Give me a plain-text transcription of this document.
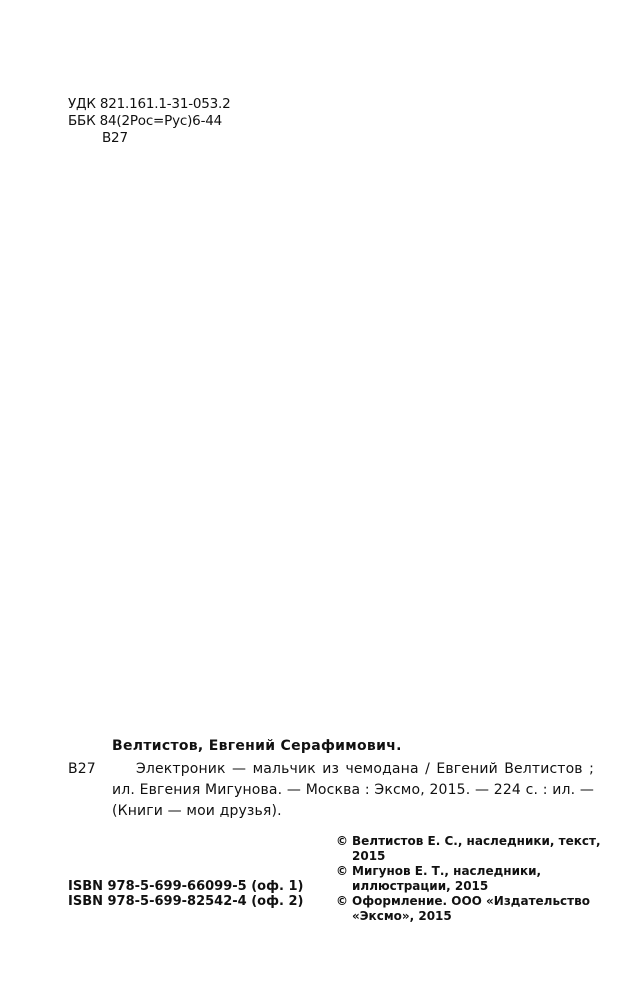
УДК 821.161.1-31-053.2
ББК 84(2Рос=Рус)6-44
В27
Велтистов, Евгений Серафимович.
В27	Электроник — мальчик из чемодана / Евгений Велтистов ; ил. Евгения Мигунова. — Москва : Эксмо, 2015. — 224 с. : ил. — (Книги — мои друзья).
© Велтистов Е. С., наследники, текст, 2015
© Мигунов Е. Т., наследники, иллюстрации, 2015
© Оформление. ООО «Издательство «Эксмо», 2015
ISBN 978-5-699-66099-5 (оф. 1)
ISBN 978-5-699-82542-4 (оф. 2)
